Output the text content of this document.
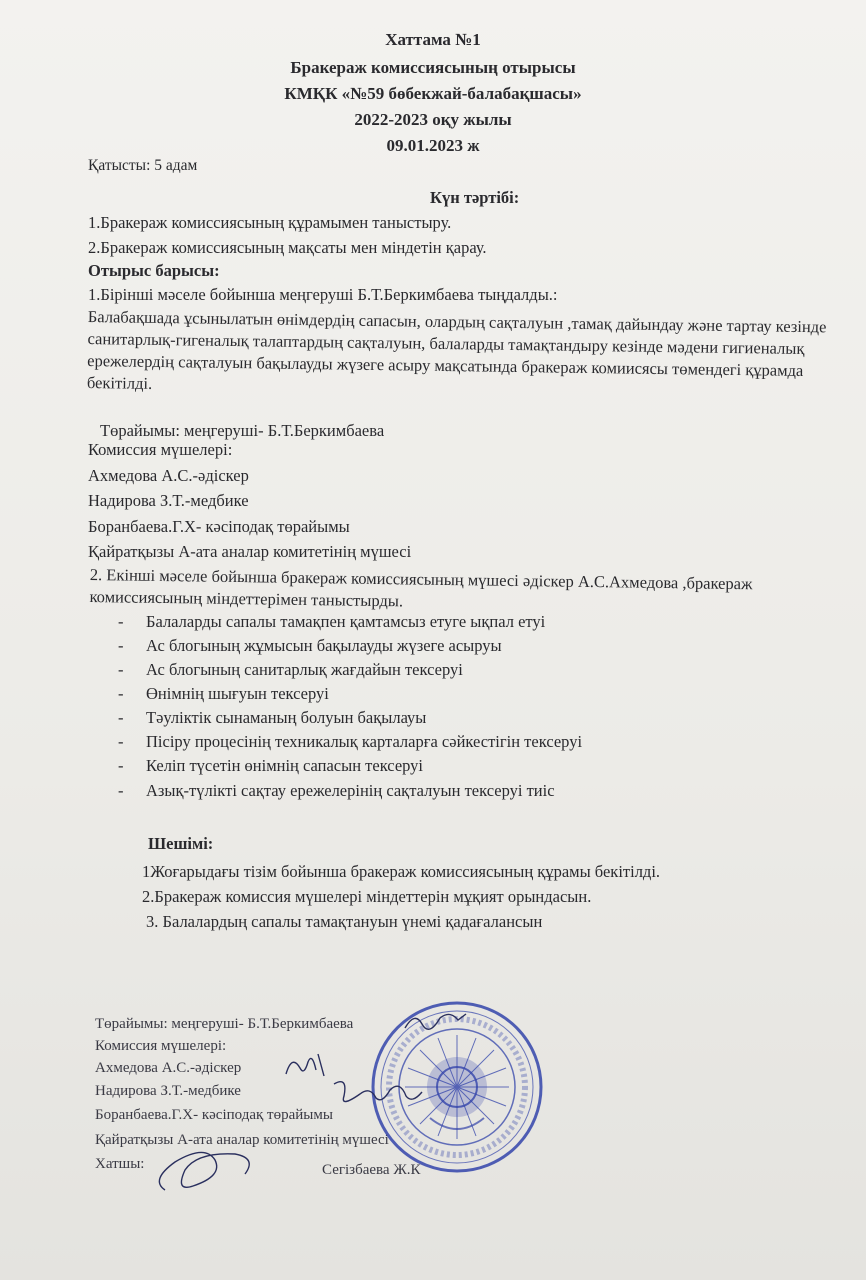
Хаттама №1
Бракераж комиссиясының отырысы
КМҚК «№59 бөбекжай-балабақшасы»
2022-2023 оқу жылы
09.01.2023 ж
Қатысты: 5 адам
Күн тәртібі:
1.Бракераж комиссиясының құрамымен таныстыру.
2.Бракераж комиссиясының мақсаты мен міндетін қарау.
Отырыс барысы:
1.Бірінші мәселе бойынша меңгеруші Б.Т.Беркимбаева тыңдалды.:
Балабақшада ұсынылатын өнімдердің сапасын, олардың сақталуын ,тамақ дайындау және тартау кезінде санитарлық-гигеналық талаптардың сақталуын, балаларды тамақтандыру кезінде мәдени гигиеналық ережелердің сақталуын бақылауды жүзеге асыру мақсатында бракераж комиисясы төмендегі құрамда бекітілді.
Төрайымы: меңгеруші- Б.Т.Беркимбаева
Комиссия мүшелері:
Ахмедова А.С.-әдіскер
Надирова З.Т.-медбике
Боранбаева.Г.Х- кәсіподақ төрайымы
Қайратқызы А-ата аналар комитетінің мүшесі
2. Екінші мәселе бойынша бракераж комиссиясының мүшесі әдіскер А.С.Ахмедова ,бракераж комиссиясының міндеттерімен таныстырды.
- Балаларды сапалы тамақпен қамтамсыз етуге ықпал етуі
- Ас блогының жұмысын бақылауды жүзеге асыруы
- Ас блогының санитарлық жағдайын тексеруі
- Өнімнің шығуын тексеруі
- Тәуліктік сынаманың болуын бақылауы
- Пісіру процесінің техникалық карталарға сәйкестігін тексеруі
- Келіп түсетін өнімнің сапасын тексеруі
- Азық-түлікті сақтау ережелерінің сақталуын тексеруі тиіс
Шешімі:
1Жоғарыдағы тізім бойынша бракераж комиссиясының құрамы бекітілді.
2.Бракераж комиссия мүшелері міндеттерін мұқият орындасын.
3. Балалардың сапалы тамақтануын үнемі қадағалансын
Төрайымы: меңгеруші- Б.Т.Беркимбаева
Комиссия мүшелері:
Ахмедова А.С.-әдіскер
Надирова З.Т.-медбике
Боранбаева.Г.Х- кәсіподақ төрайымы
Қайратқызы А-ата аналар комитетінің мүшесі
Хатшы:	Сегізбаева Ж.К
